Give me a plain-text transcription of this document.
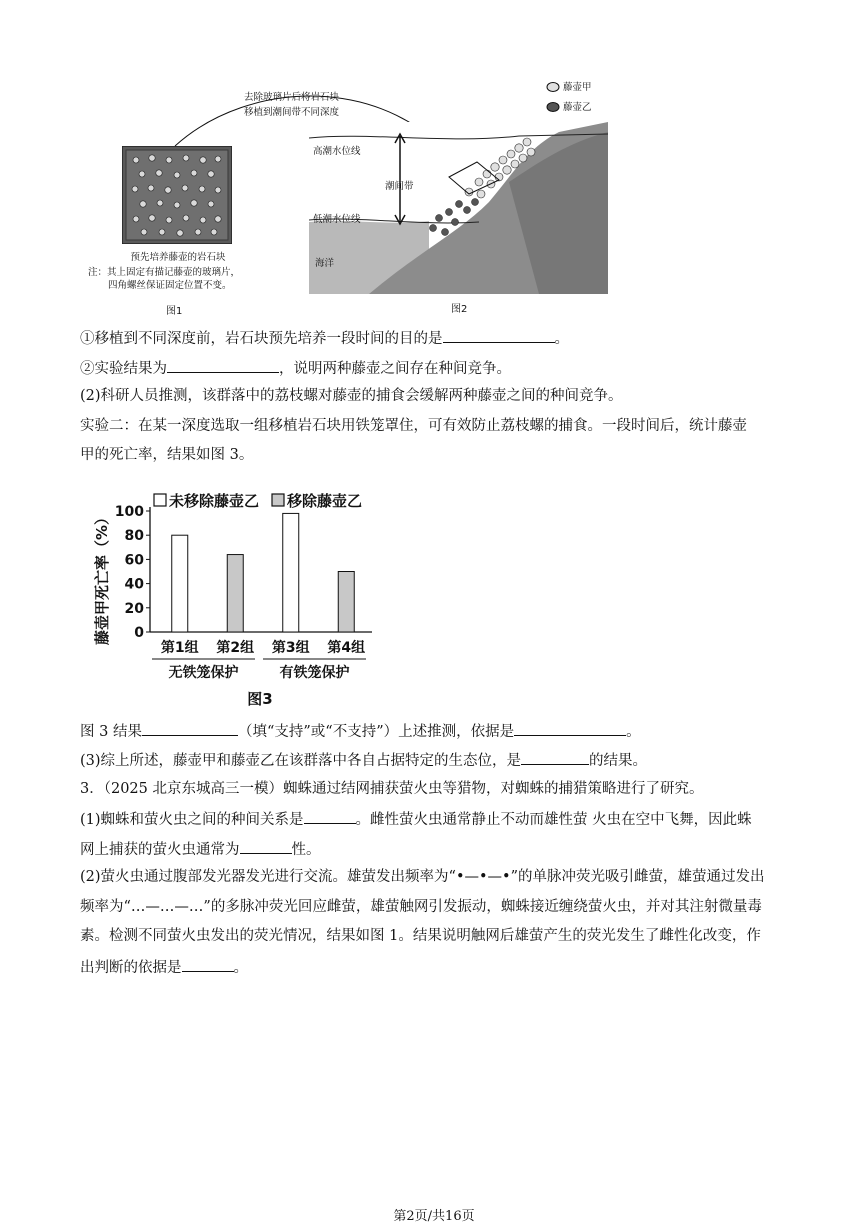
预先培养藤壶的岩石块
注：其上固定有描记藤壶的玻璃片，
四角螺丝保证固定位置不变。
图1
去除玻璃片后将岩石块
移植到潮间带不同深度
高潮水位线
潮间带
低潮水位线
海洋
藤壶甲
藤壶乙
图2
①移植到不同深度前，岩石块预先培养一段时间的目的是	。
②实验结果为	，说明两种藤壶之间存在种间竞争。
(2)科研人员推测，该群落中的荔枝螺对藤壶的捕食会缓解两种藤壶之间的种间竞争。
实验二：在某一深度选取一组移植岩石块用铁笼罩住，可有效防止荔枝螺的捕食。一段时间后，统计藤壶
甲的死亡率，结果如图 3。
0
20
40
60
80
100
藤壶甲死亡率（%）
第1组 第2组 第3组 第4组
无铁笼保护	有铁笼保护
未移除藤壶乙 移除藤壶乙
图3
图 3 结果	（填“支持”或“不支持”）上述推测，依据是	。
(3)综上所述，藤壶甲和藤壶乙在该群落中各自占据特定的生态位，是	的结果。
3．（2025 北京东城高三一模）蜘蛛通过结网捕获萤火虫等猎物，对蜘蛛的捕猎策略进行了研究。
(1)蜘蛛和萤火虫之间的种间关系是	。雌性萤火虫通常静止不动而雄性萤 火虫在空中飞舞，因此蛛
网上捕获的萤火虫通常为	性。
(2)萤火虫通过腹部发光器发光进行交流。雄萤发出频率为“•—•—•”的单脉冲荧光吸引雌萤，雄萤通过发出
频率为“…—…—…”的多脉冲荧光回应雌萤，雄萤触网引发振动，蜘蛛接近缠绕萤火虫，并对其注射微量毒
素。检测不同萤火虫发出的荧光情况，结果如图 1。结果说明触网后雄萤产生的荧光发生了雌性化改变，作
出判断的依据是	。
第2页/共16页
